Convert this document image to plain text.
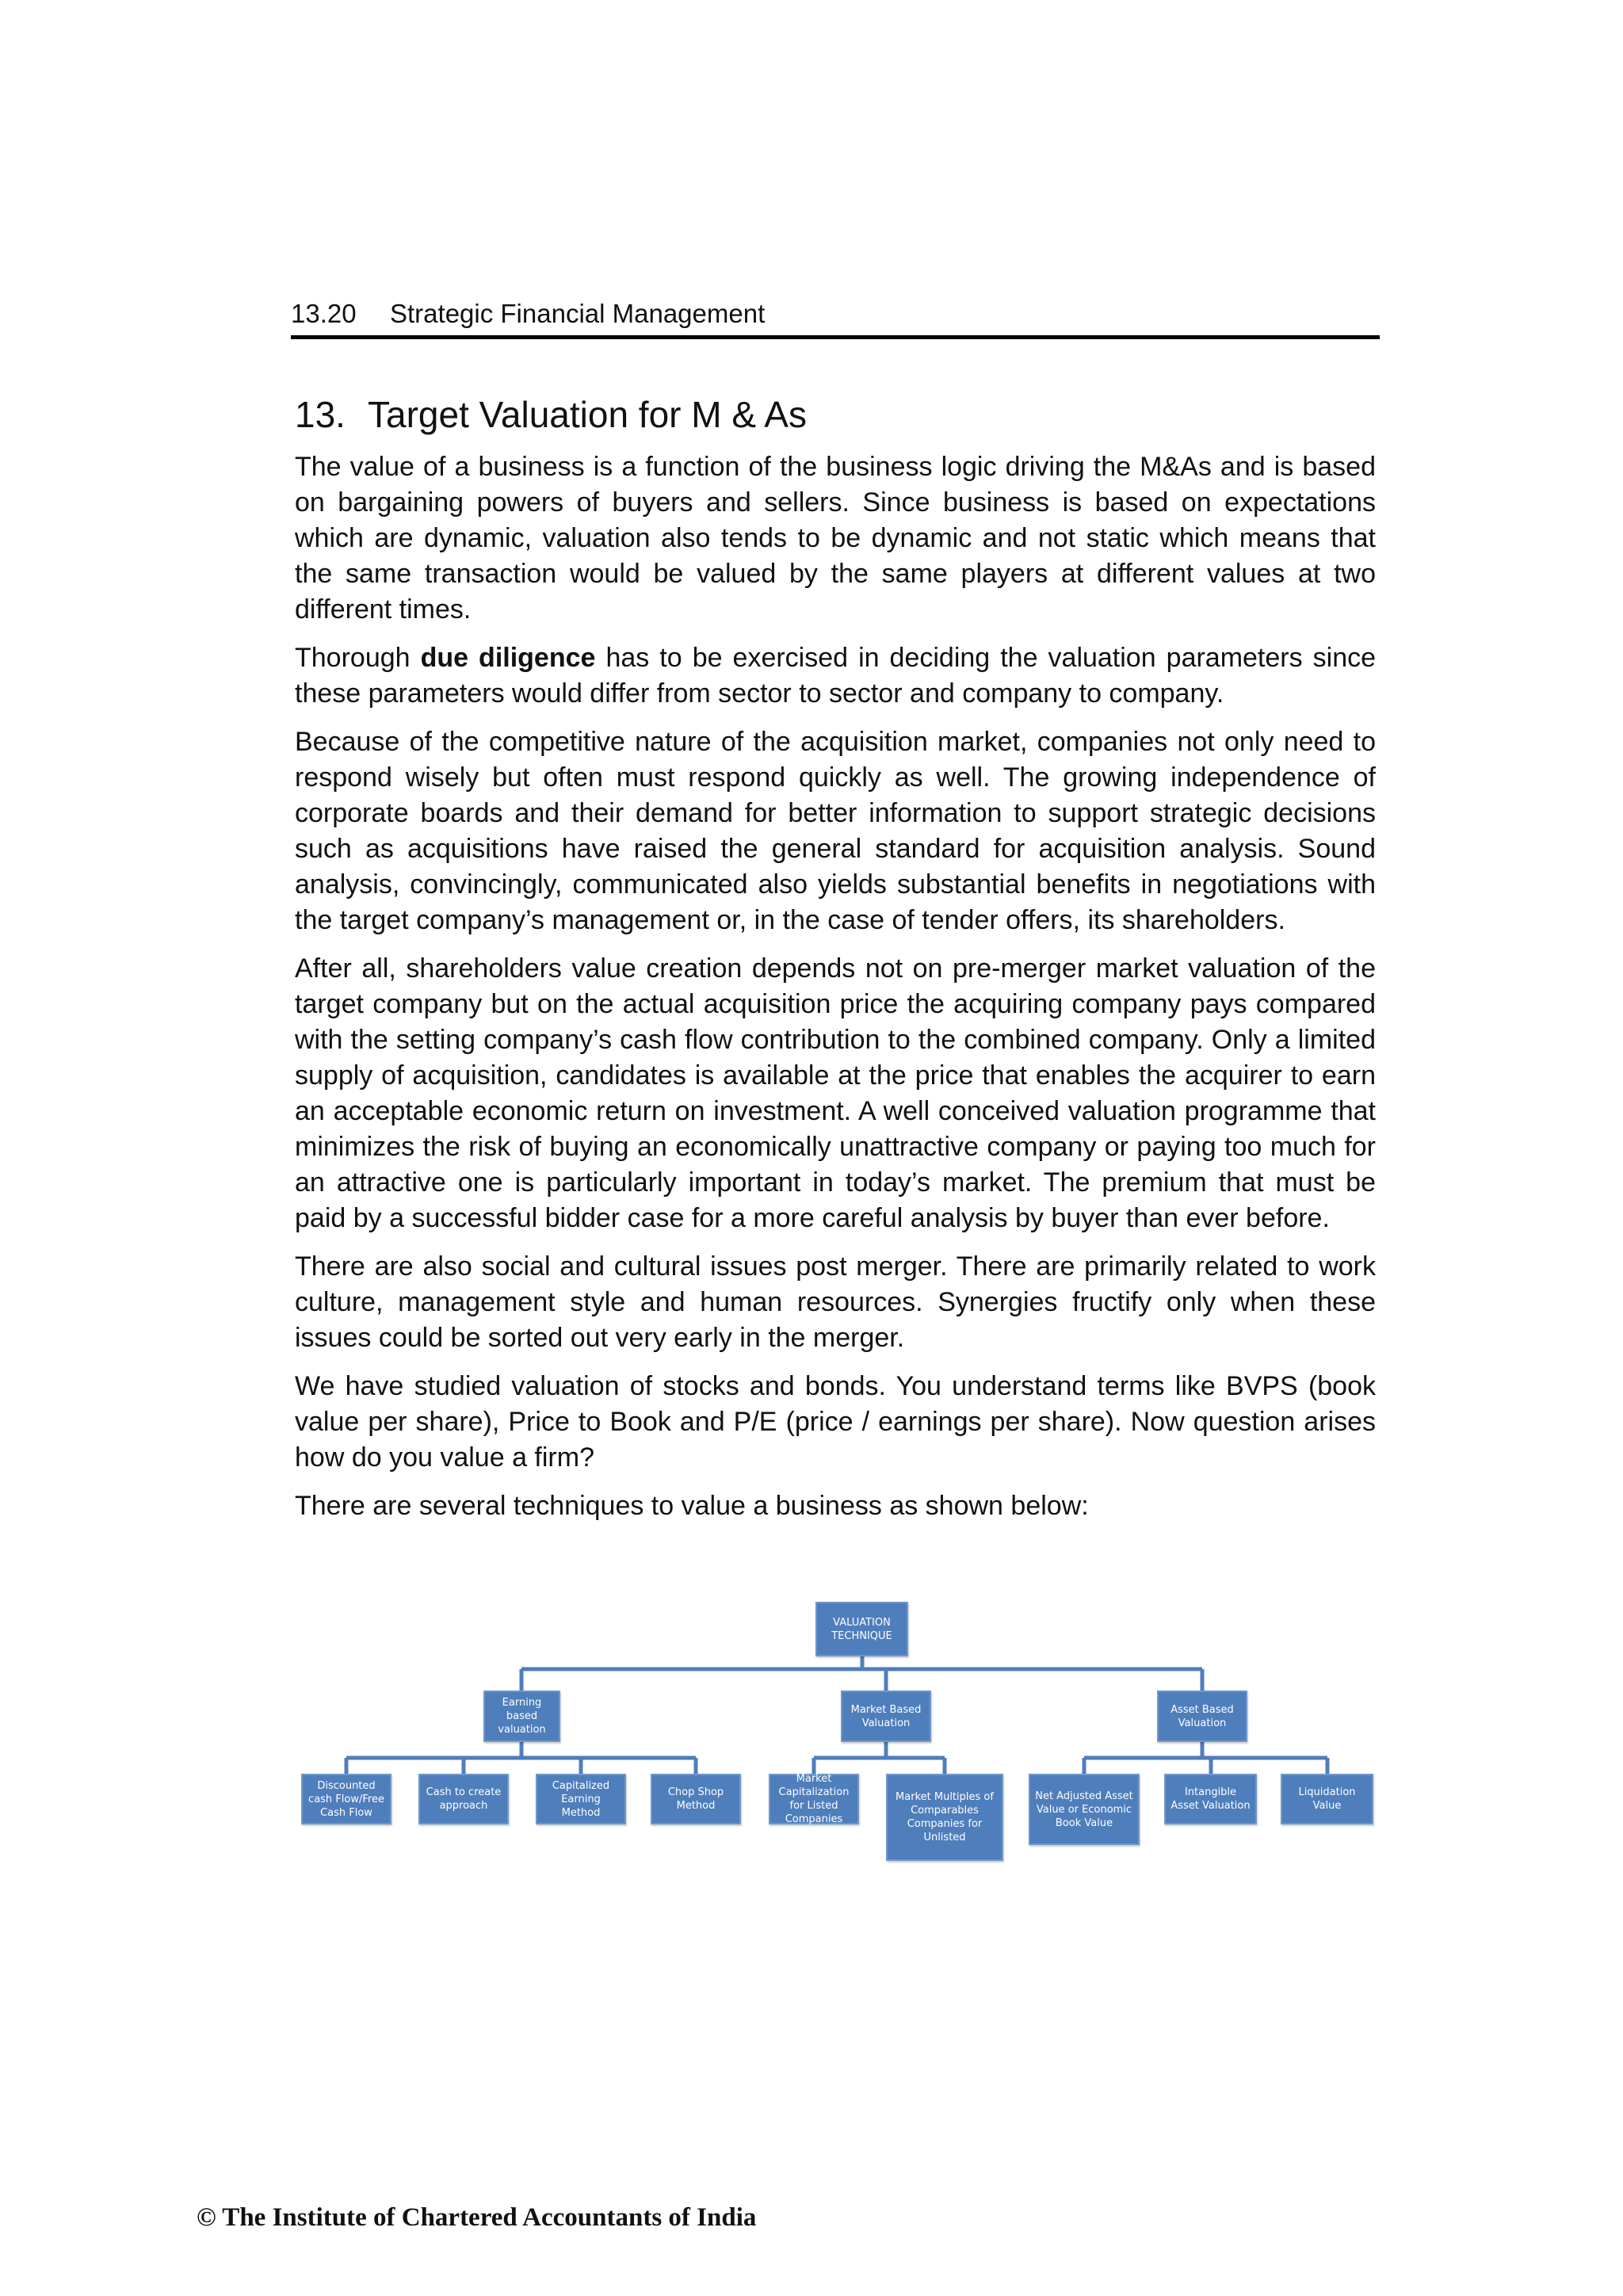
13.20 Strategic Financial Management
13. Target Valuation for M & As

The value of a business is a function of the business logic driving the M&As and is based on bargaining powers of buyers and sellers. Since business is based on expectations which are dynamic, valuation also tends to be dynamic and not static which means that the same transaction would be valued by the same players at different values at two different times.

Thorough due diligence has to be exercised in deciding the valuation parameters since these parameters would differ from sector to sector and company to company.

Because of the competitive nature of the acquisition market, companies not only need to respond wisely but often must respond quickly as well. The growing independence of corporate boards and their demand for better information to support strategic decisions such as acquisitions have raised the general standard for acquisition analysis. Sound analysis, convincingly, communicated also yields substantial benefits in negotiations with the target company’s management or, in the case of tender offers, its shareholders.

After all, shareholders value creation depends not on pre-merger market valuation of the target company but on the actual acquisition price the acquiring company pays compared with the setting company’s cash flow contribution to the combined company. Only a limited supply of acquisition, candidates is available at the price that enables the acquirer to earn an acceptable economic return on investment. A well conceived valuation programme that minimizes the risk of buying an economically unattractive company or paying too much for an attractive one is particularly important in today’s market. The premium that must be paid by a successful bidder case for a more careful analysis by buyer than ever before.

There are also social and cultural issues post merger. There are primarily related to work culture, management style and human resources. Synergies fructify only when these issues could be sorted out very early in the merger.

We have studied valuation of stocks and bonds. You understand terms like BVPS (book value per share), Price to Book and P/E (price / earnings per share). Now question arises how do you value a firm?

There are several techniques to value a business as shown below:

VALUATION TECHNIQUE
Earning based valuation
Market Based Valuation
Asset Based Valuation
Discounted cash Flow/Free Cash Flow
Cash to create approach
Capitalized Earning Method
Chop Shop Method
Market Capitalization for Listed Companies
Market Multiples of Comparables Companies for Unlisted
Net Adjusted Asset Value or Economic Book Value
Intangible Asset Valuation
Liquidation Value
© The Institute of Chartered Accountants of India
